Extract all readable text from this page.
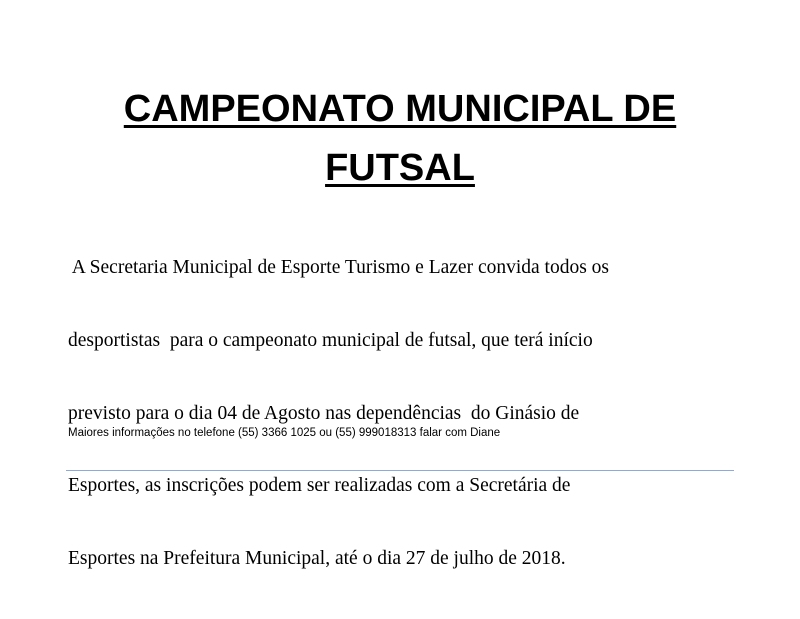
CAMPEONATO MUNICIPAL DE
FUTSAL

A Secretaria Municipal de Esporte Turismo e Lazer convida todos os

desportistas  para o campeonato municipal de futsal, que terá início

previsto para o dia 04 de Agosto nas dependências  do Ginásio de

Esportes, as inscrições podem ser realizadas com a Secretária de

Esportes na Prefeitura Municipal, até o dia 27 de julho de 2018.

Maiores informações no telefone (55) 3366 1025 ou (55) 999018313 falar com Diane
